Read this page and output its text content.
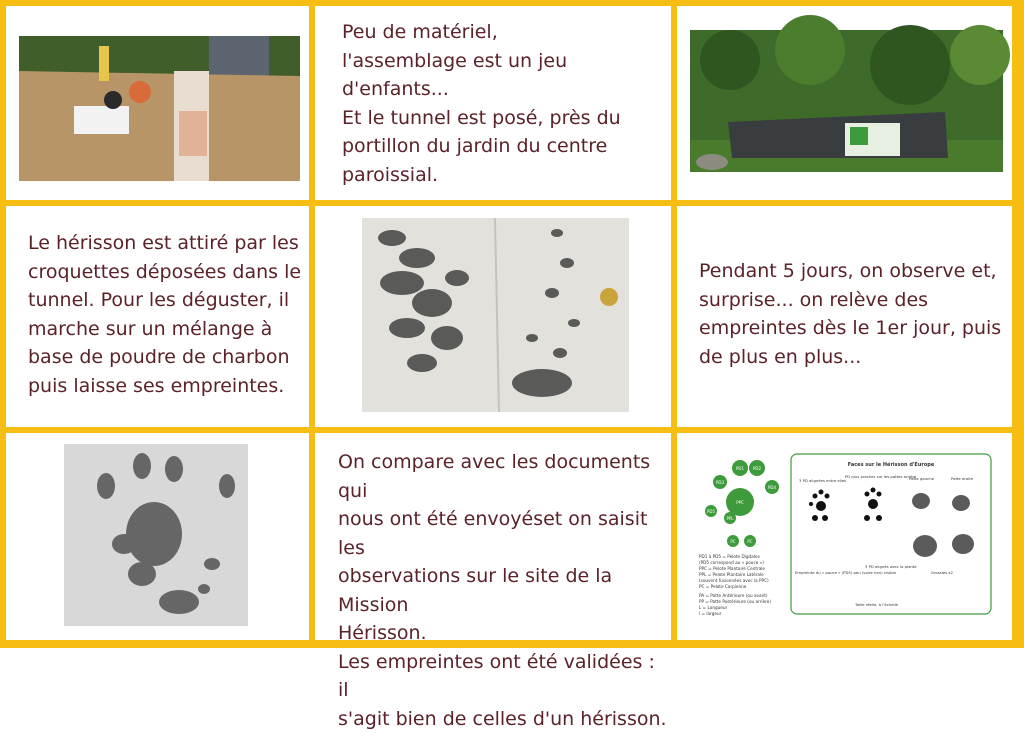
Peu de matériel,

l'assemblage est un jeu

d'enfants...

Et le tunnel est posé, près du

portillon du jardin du centre

paroissial.

Le hérisson est attiré par les

croquettes déposées dans le

tunnel. Pour les déguster, il

marche sur un mélange à

base de poudre de charbon

puis laisse ses empreintes.

Pendant 5 jours, on observe et,

surprise... on relève des

empreintes dès le 1er jour, puis

de plus en plus...

On compare avec les documents qui

nous ont été envoyéset on saisit les

observations sur le site de la Mission

Hérisson.

Les empreintes ont été validées : il

s'agit bien de celles d'un hérisson.

PD1 PD2
PD3
PD4
PPC
PD5
PPL
PC	PC
PD1 à PD5 = Pelote Digitales
(PD5 correspond au « pouce »)
PPC = Pelote Plantaire Centrale
PPL = Pelote Plantaire Latérale
(souvent fusionnées avec la PPC)
PC = Pelote Carpienne
PA = Patte Antérieure (ou avant)
PP = Patte Postérieure (ou arrière)
L = Longueur
l = largeur
Faces sur le Hérisson d'Europe
3 PD alignées entre elles
PD plus proches sur les pattes arrière
Empreinte du « pouce » (PD5) peu (voire non) visible
3 PD alignés avec la plante
Patte gauche	Patte droite
Grossies x2
Taille réelle, à l'échelle
